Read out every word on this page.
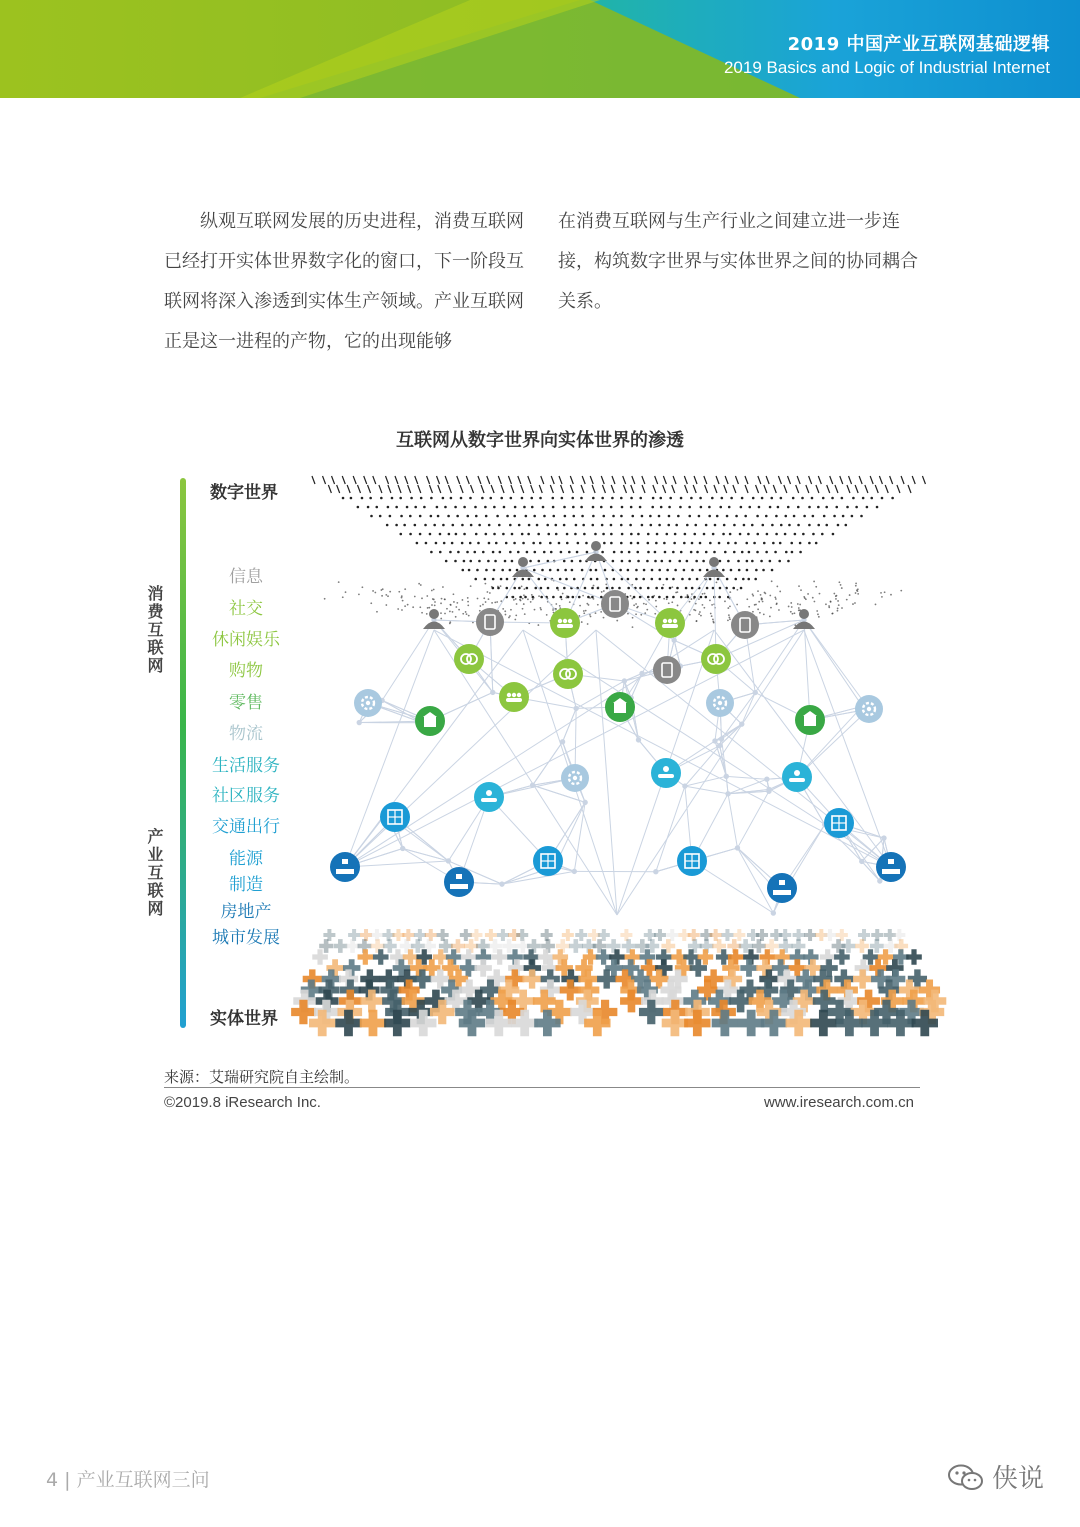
2019 中国产业互联网基础逻辑
2019 Basics and Logic of Industrial Internet
纵观互联网发展的历史进程，消费互联网已经打开实体世界数字化的窗口，下一阶段互联网将深入渗透到实体生产领域。产业互联网正是这一进程的产物，它的出现能够
在消费互联网与生产行业之间建立进一步连接，构筑数字世界与实体世界之间的协同耦合关系。
互联网从数字世界向实体世界的渗透
数字世界
实体世界
消费互联网
产业互联网
信息
社交
休闲娱乐
购物
零售
物流
生活服务
社区服务
交通出行
能源
制造
房地产
城市发展
来源：艾瑞研究院自主绘制。
©2019.8 iResearch Inc.	www.iresearch.com.cn
4 | 产业互联网三问	侠说
